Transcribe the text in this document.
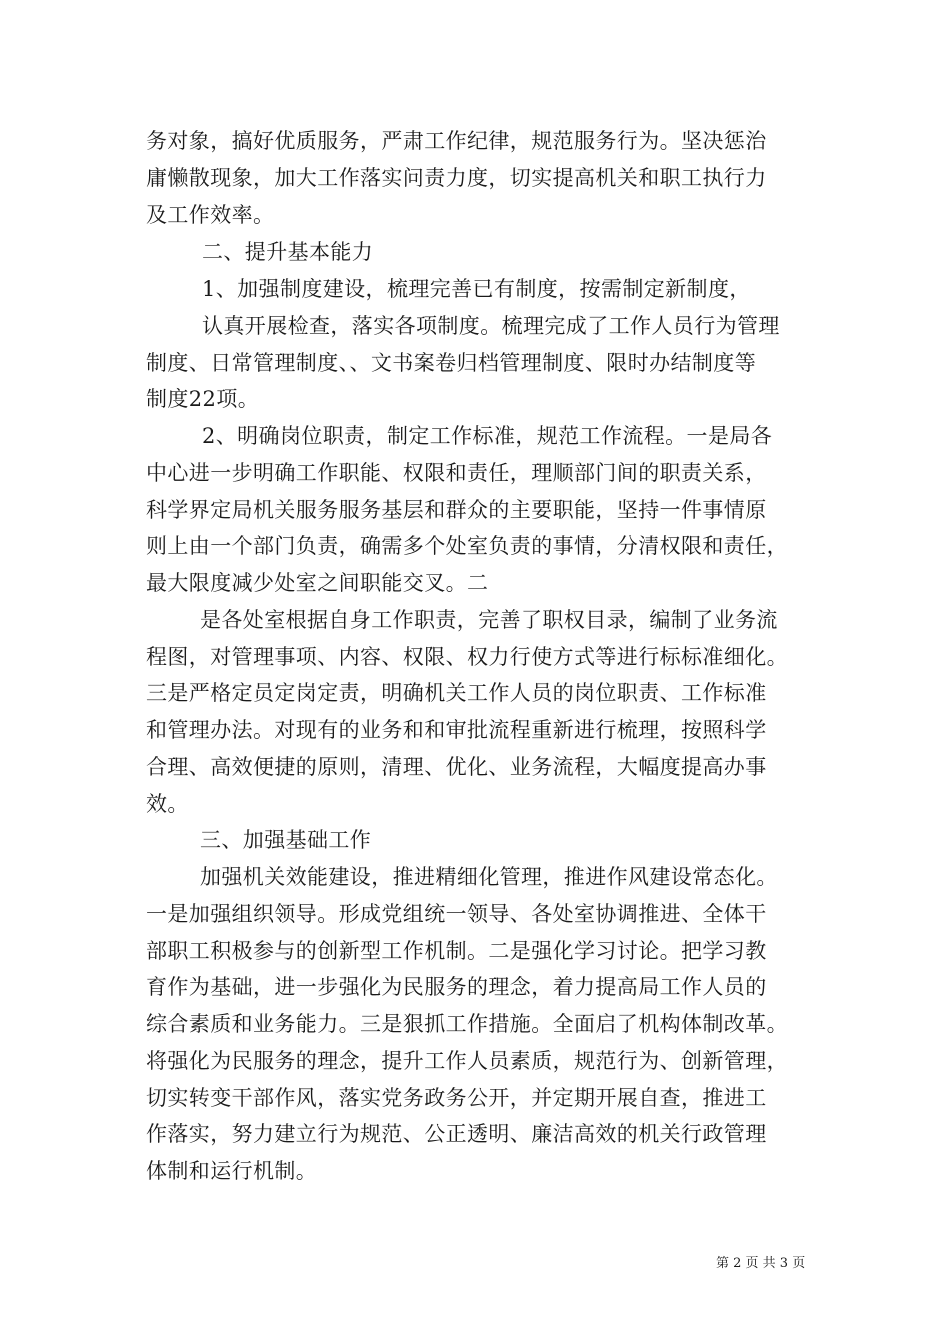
务对象，搞好优质服务，严肃工作纪律，规范服务行为。坚决惩治
庸懒散现象，加大工作落实问责力度，切实提高机关和职工执行力
及工作效率。
二、提升基本能力
1、加强制度建设，梳理完善已有制度，按需制定新制度，
认真开展检查，落实各项制度。梳理完成了工作人员行为管理
制度、日常管理制度、、文书案卷归档管理制度、限时办结制度等
制度22项。
2、明确岗位职责，制定工作标准，规范工作流程。一是局各
中心进一步明确工作职能、权限和责任，理顺部门间的职责关系，
科学界定局机关服务服务基层和群众的主要职能，坚持一件事情原
则上由一个部门负责，确需多个处室负责的事情，分清权限和责任，
最大限度减少处室之间职能交叉。二
是各处室根据自身工作职责，完善了职权目录，编制了业务流
程图，对管理事项、内容、权限、权力行使方式等进行标标准细化。
三是严格定员定岗定责，明确机关工作人员的岗位职责、工作标准
和管理办法。对现有的业务和和审批流程重新进行梳理，按照科学
合理、高效便捷的原则，清理、优化、业务流程，大幅度提高办事
效。
三、加强基础工作
加强机关效能建设，推进精细化管理，推进作风建设常态化。
一是加强组织领导。形成党组统一领导、各处室协调推进、全体干
部职工积极参与的创新型工作机制。二是强化学习讨论。把学习教
育作为基础，进一步强化为民服务的理念，着力提高局工作人员的
综合素质和业务能力。三是狠抓工作措施。全面启了机构体制改革。
将强化为民服务的理念，提升工作人员素质，规范行为、创新管理，
切实转变干部作风，落实党务政务公开，并定期开展自查，推进工
作落实，努力建立行为规范、公正透明、廉洁高效的机关行政管理
体制和运行机制。
第 2 页 共 3 页
